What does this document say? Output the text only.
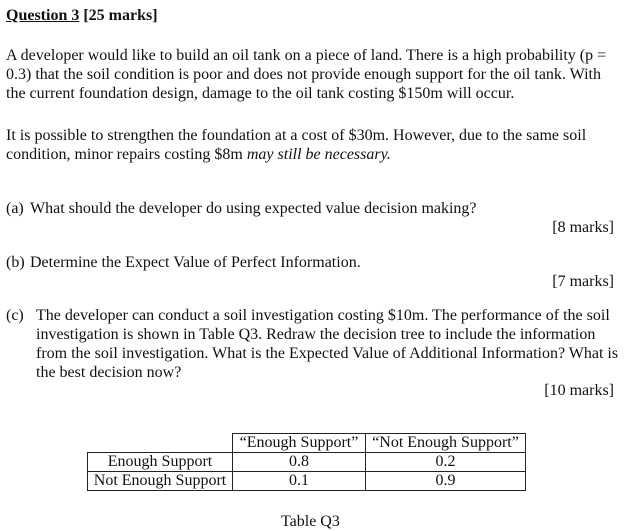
Question 3 [25 marks]
A developer would like to build an oil tank on a piece of land. There is a high probability (p = 0.3) that the soil condition is poor and does not provide enough support for the oil tank. With the current foundation design, damage to the oil tank costing $150m will occur.
It is possible to strengthen the foundation at a cost of $30m. However, due to the same soil condition, minor repairs costing $8m may still be necessary.
(a) What should the developer do using expected value decision making?
[8 marks]
(b) Determine the Expect Value of Perfect Information.
[7 marks]
(c) The developer can conduct a soil investigation costing $10m. The performance of the soil investigation is shown in Table Q3. Redraw the decision tree to include the information from the soil investigation. What is the Expected Value of Additional Information? What is the best decision now?
[10 marks]
	“Enough Support”	“Not Enough Support”
Enough Support	0.8	0.2
Not Enough Support	0.1	0.9
Table Q3
